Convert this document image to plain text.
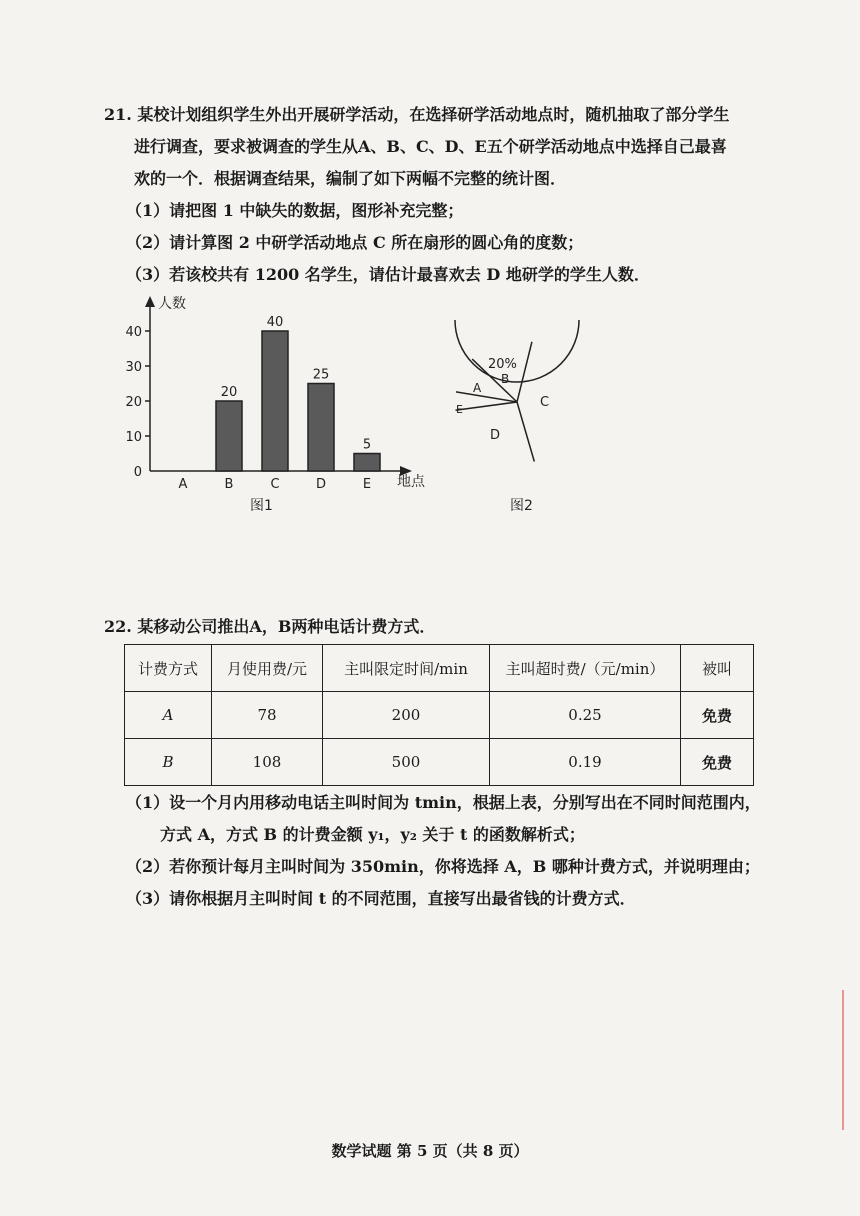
21. 某校计划组织学生外出开展研学活动，在选择研学活动地点时，随机抽取了部分学生
进行调查，要求被调查的学生从A、B、C、D、E五个研学活动地点中选择自己最喜
欢的一个．根据调查结果，编制了如下两幅不完整的统计图．
（1）请把图 1 中缺失的数据，图形补充完整；
（2）请计算图 2 中研学活动地点 C 所在扇形的圆心角的度数；
（3）若该校共有 1200 名学生，请估计最喜欢去 D 地研学的学生人数．
人数
地点
20
40
25
5
图1
0
10
20
30
40
A	B	C	D	E
20%
B
C
D
E
A
图2
22. 某移动公司推出A，B两种电话计费方式．
计费方式	月使用费/元	主叫限定时间/min	主叫超时费/（元/min）	被叫
A	78	200	0.25	免费
B	108	500	0.19	免费
（1）设一个月内用移动电话主叫时间为 tmin，根据上表，分别写出在不同时间范围内，
方式 A，方式 B 的计费金额 y₁，y₂ 关于 t 的函数解析式；
（2）若你预计每月主叫时间为 350min，你将选择 A，B 哪种计费方式，并说明理由；
（3）请你根据月主叫时间 t 的不同范围，直接写出最省钱的计费方式．
数学试题 第 5 页（共 8 页）
